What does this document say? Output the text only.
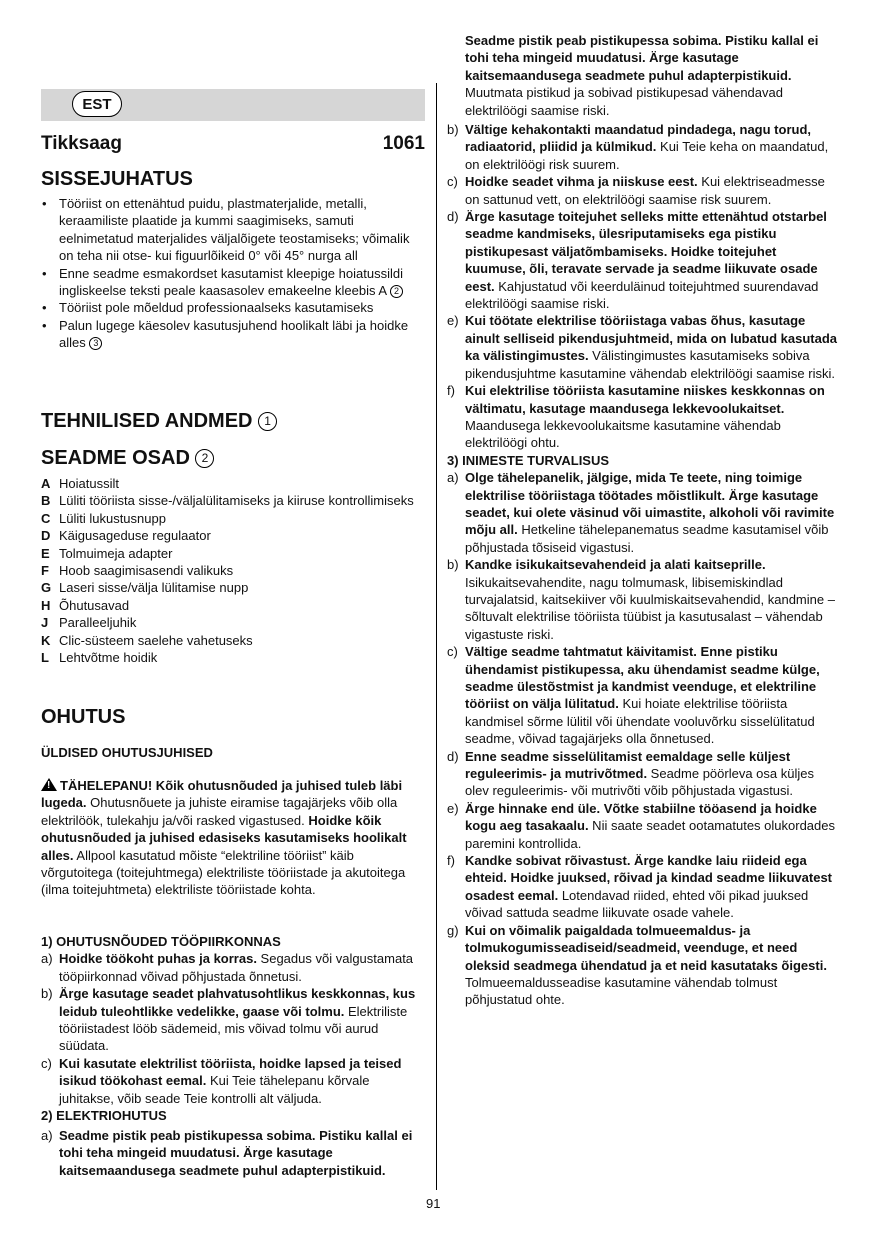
EST
Tikksaag	1061
SISSEJUHATUS
• Tööriist on ettenähtud puidu, plastmaterjalide, metalli, keraamiliste plaatide ja kummi saagimiseks, samuti eelnimetatud materjalides väljalõigete teostamiseks; võimalik on teha nii otse- kui figuurlõikeid 0° või 45° nurga all
• Enne seadme esmakordset kasutamist kleepige hoiatussildi ingliskeelse teksti peale kaasasolev emakeelne kleebis A 2
• Tööriist pole mõeldud professionaalseks kasutamiseks
• Palun lugege käesolev kasutusjuhend hoolikalt läbi ja hoidke alles 3
TEHNILISED ANDMED 1
SEADME OSAD 2
A Hoiatussilt
B Lüliti tööriista sisse-/väljalülitamiseks ja kiiruse kontrollimiseks
C Lüliti lukustusnupp
D Käigusageduse regulaator
E Tolmuimeja adapter
F Hoob saagimisasendi valikuks
G Laseri sisse/välja lülitamise nupp
H Õhutusavad
J Paralleeljuhik
K Clic-süsteem saelehe vahetuseks
L Lehtvõtme hoidik
OHUTUS
ÜLDISED OHUTUSJUHISED
! TÄHELEPANU! Kõik ohutusnõuded ja juhised tuleb läbi lugeda. Ohutusnõuete ja juhiste eiramise tagajärjeks võib olla elektrilöök, tulekahju ja/või rasked vigastused. Hoidke kõik ohutusnõuded ja juhised edasiseks kasutamiseks hoolikalt alles. Allpool kasutatud mõiste “elektriline tööriist” käib võrgutoitega (toitejuhtmega) elektriliste tööriistade ja akutoitega (ilma toitejuhtmeta) elektriliste tööriistade kohta.
1) OHUTUSNÕUDED TÖÖPIIRKONNAS
a) Hoidke töökoht puhas ja korras. Segadus või valgustamata tööpiirkonnad võivad põhjustada õnnetusi.
b) Ärge kasutage seadet plahvatusohtlikus keskkonnas, kus leidub tuleohtlikke vedelikke, gaase või tolmu. Elektriliste tööriistadest lööb sädemeid, mis võivad tolmu või aurud süüdata.
c) Kui kasutate elektrilist tööriista, hoidke lapsed ja teised isikud töökohast eemal. Kui Teie tähelepanu kõrvale juhitakse, võib seade Teie kontrolli alt väljuda.
2) ELEKTRIOHUTUS
a) Seadme pistik peab pistikupessa sobima. Pistiku kallal ei tohi teha mingeid muudatusi. Ärge kasutage kaitsemaandusega seadmete puhul adapterpistikuid.
Seadme pistik peab pistikupessa sobima. Pistiku kallal ei tohi teha mingeid muudatusi. Ärge kasutage kaitsemaandusega seadmete puhul adapterpistikuid. Muutmata pistikud ja sobivad pistikupesad vähendavad elektrilöögi saamise riski.
b) Vältige kehakontakti maandatud pindadega, nagu torud, radiaatorid, pliidid ja külmikud. Kui Teie keha on maandatud, on elektrilöögi risk suurem.
c) Hoidke seadet vihma ja niiskuse eest. Kui elektriseadmesse on sattunud vett, on elektrilöögi saamise risk suurem.
d) Ärge kasutage toitejuhet selleks mitte ettenähtud otstarbel seadme kandmiseks, ülesriputamiseks ega pistiku pistikupesast väljatõmbamiseks. Hoidke toitejuhet kuumuse, õli, teravate servade ja seadme liikuvate osade eest. Kahjustatud või keerduläinud toitejuhtmed suurendavad elektrilöögi saamise riski.
e) Kui töötate elektrilise tööriistaga vabas õhus, kasutage ainult selliseid pikendusjuhtmeid, mida on lubatud kasutada ka välistingimustes. Välistingimustes kasutamiseks sobiva pikendusjuhtme kasutamine vähendab elektrilöögi saamise riski.
f) Kui elektrilise tööriista kasutamine niiskes keskkonnas on vältimatu, kasutage maandusega lekkevoolukaitset. Maandusega lekkevoolukaitsme kasutamine vähendab elektrilöögi ohtu.
3) INIMESTE TURVALISUS
a) Olge tähelepanelik, jälgige, mida Te teete, ning toimige elektrilise tööriistaga töötades mõistlikult. Ärge kasutage seadet, kui olete väsinud või uimastite, alkoholi või ravimite mõju all. Hetkeline tähelepanematus seadme kasutamisel võib põhjustada tõsiseid vigastusi.
b) Kandke isikukaitsevahendeid ja alati kaitseprille. Isikukaitsevahendite, nagu tolmumask, libisemiskindlad turvajalatsid, kaitsekiiver või kuulmiskaitsevahendid, kandmine – sõltuvalt elektrilise tööriista tüübist ja kasutusalast – vähendab vigastuste riski.
c) Vältige seadme tahtmatut käivitamist. Enne pistiku ühendamist pistikupessa, aku ühendamist seadme külge, seadme ülestõstmist ja kandmist veenduge, et elektriline tööriist on välja lülitatud. Kui hoiate elektrilise tööriista kandmisel sõrme lülitil või ühendate vooluvõrku sisselülitatud seadme, võivad tagajärjeks olla õnnetused.
d) Enne seadme sisselülitamist eemaldage selle küljest reguleerimis- ja mutrivõtmed. Seadme pöörleva osa küljes olev reguleerimis- või mutrivõti võib põhjustada vigastusi.
e) Ärge hinnake end üle. Võtke stabiilne tööasend ja hoidke kogu aeg tasakaalu. Nii saate seadet ootamatutes olukordades paremini kontrollida.
f) Kandke sobivat rõivastust. Ärge kandke laiu riideid ega ehteid. Hoidke juuksed, rõivad ja kindad seadme liikuvatest osadest eemal. Lotendavad riided, ehted või pikad juuksed võivad sattuda seadme liikuvate osade vahele.
g) Kui on võimalik paigaldada tolmueemaldus- ja tolmukogumisseadiseid/seadmeid, veenduge, et need oleksid seadmega ühendatud ja et neid kasutataks õigesti. Tolmueemaldusseadise kasutamine vähendab tolmust põhjustatud ohte.
91
